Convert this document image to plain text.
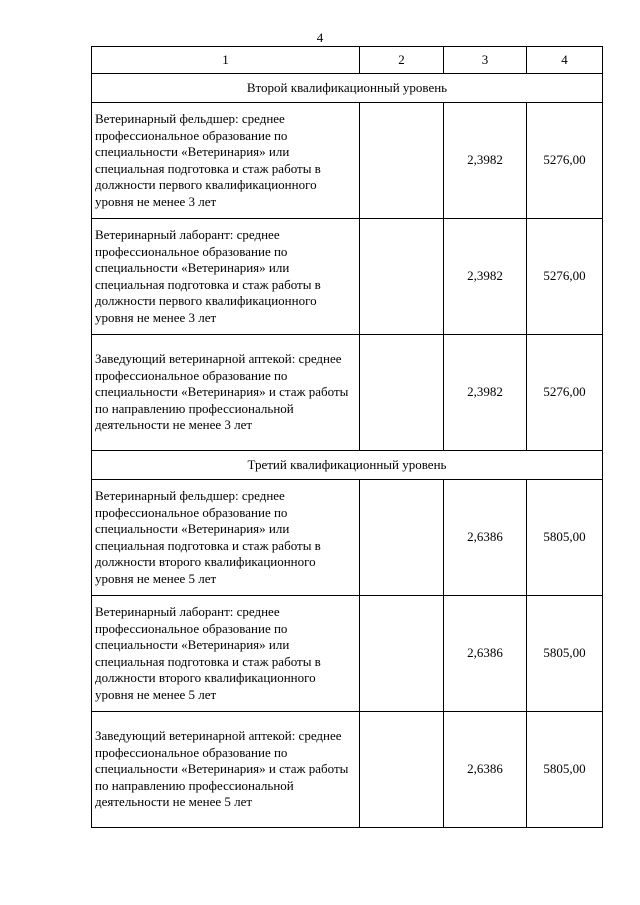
4
1	2	3	4
Второй квалификационный уровень			
Ветеринарный фельдшер: среднее профессиональное образование по специальности «Ветеринария» или специальная подготовка и стаж работы в должности первого квалификационного уровня не менее 3 лет		2,3982	5276,00
Ветеринарный лаборант: среднее профессиональное образование по специальности «Ветеринария» или специальная подготовка и стаж работы в должности первого квалификационного уровня не менее 3 лет		2,3982	5276,00
Заведующий ветеринарной аптекой: среднее профессиональное образование по специальности «Ветеринария» и стаж работы по направлению профессиональной деятельности не менее 3 лет		2,3982	5276,00
Третий квалификационный уровень			
Ветеринарный фельдшер: среднее профессиональное образование по специальности «Ветеринария» или специальная подготовка и стаж работы в должности второго квалификационного уровня не менее 5 лет		2,6386	5805,00
Ветеринарный лаборант: среднее профессиональное образование по специальности «Ветеринария» или специальная подготовка и стаж работы в должности второго квалификационного уровня не менее 5 лет		2,6386	5805,00
Заведующий ветеринарной аптекой: среднее профессиональное образование по специальности «Ветеринария» и стаж работы по направлению профессиональной деятельности не менее 5 лет		2,6386	5805,00
